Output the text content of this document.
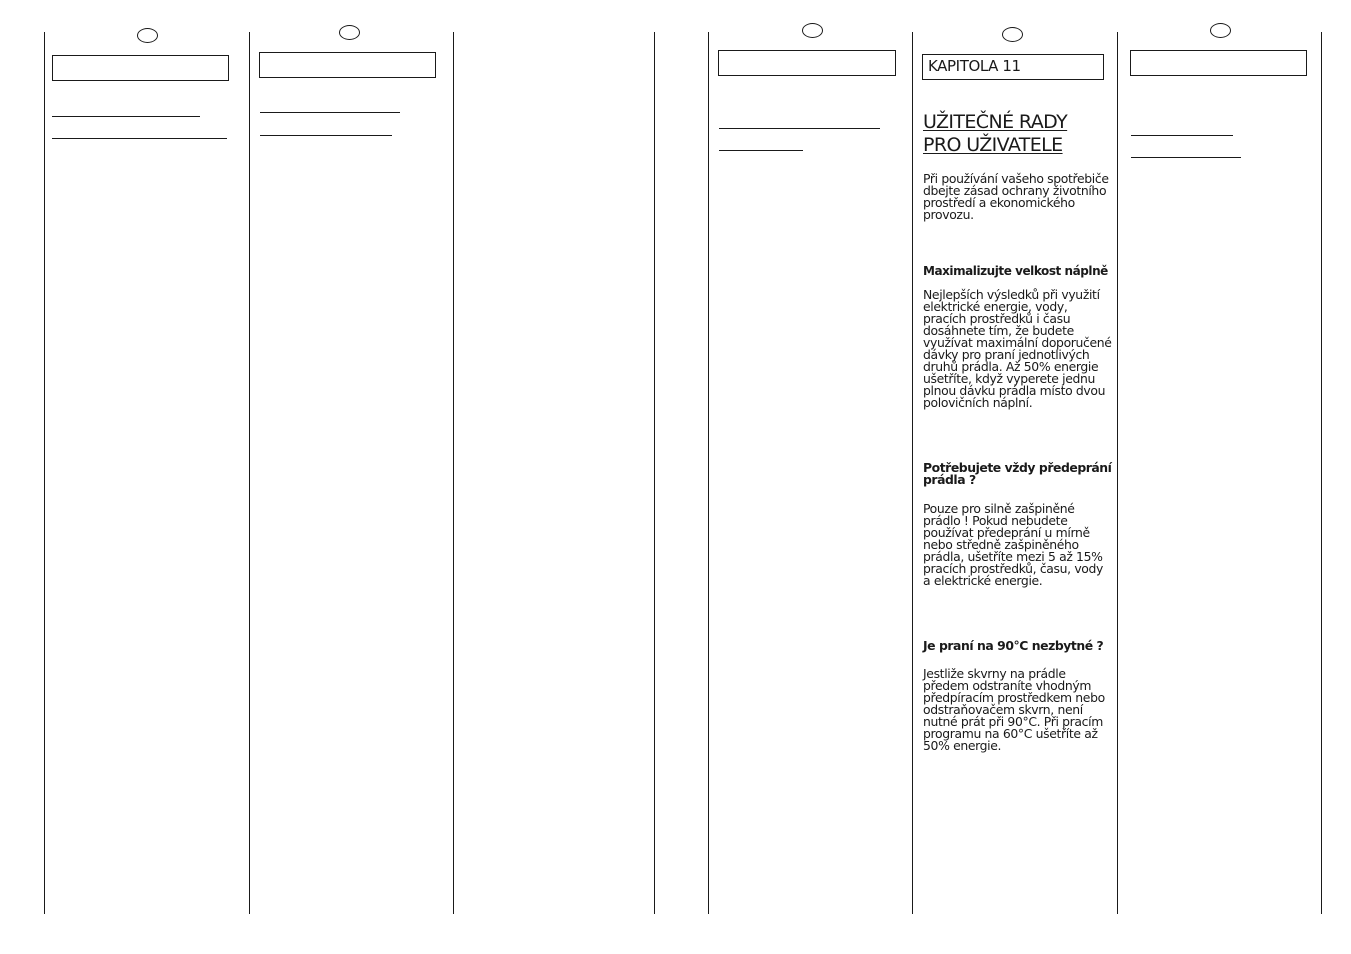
KAPITOLA 11
UŽITEČNÉ RADY
PRO UŽIVATELE

Při používání vašeho spotřebiče dbejte zásad ochrany životního prostředí a ekonomického provozu.

Maximalizujte velkost náplně

Nejlepších výsledků při využití elektrické energie, vody, pracích prostředků i času dosáhnete tím, že budete využívat maximální doporučené dávky pro praní jednotlivých druhů prádla. Až 50% energie ušetříte, když vyperete jednu plnou dávku prádla místo dvou polovičních náplní.

Potřebujete vždy předeprání prádla ?

Pouze pro silně zašpiněné prádlo ! Pokud nebudete používat předeprání u mírně nebo středně zašpiněného prádla, ušetříte mezi 5 až 15% pracích prostředků, času, vody a elektrické energie.

Je praní na 90°C nezbytné ?

Jestliže skvrny na prádle předem odstraníte vhodným předpíracím prostředkem nebo odstraňovačem skvrn, není nutné prát při 90°C. Při pracím programu na 60°C ušetříte až 50% energie.
